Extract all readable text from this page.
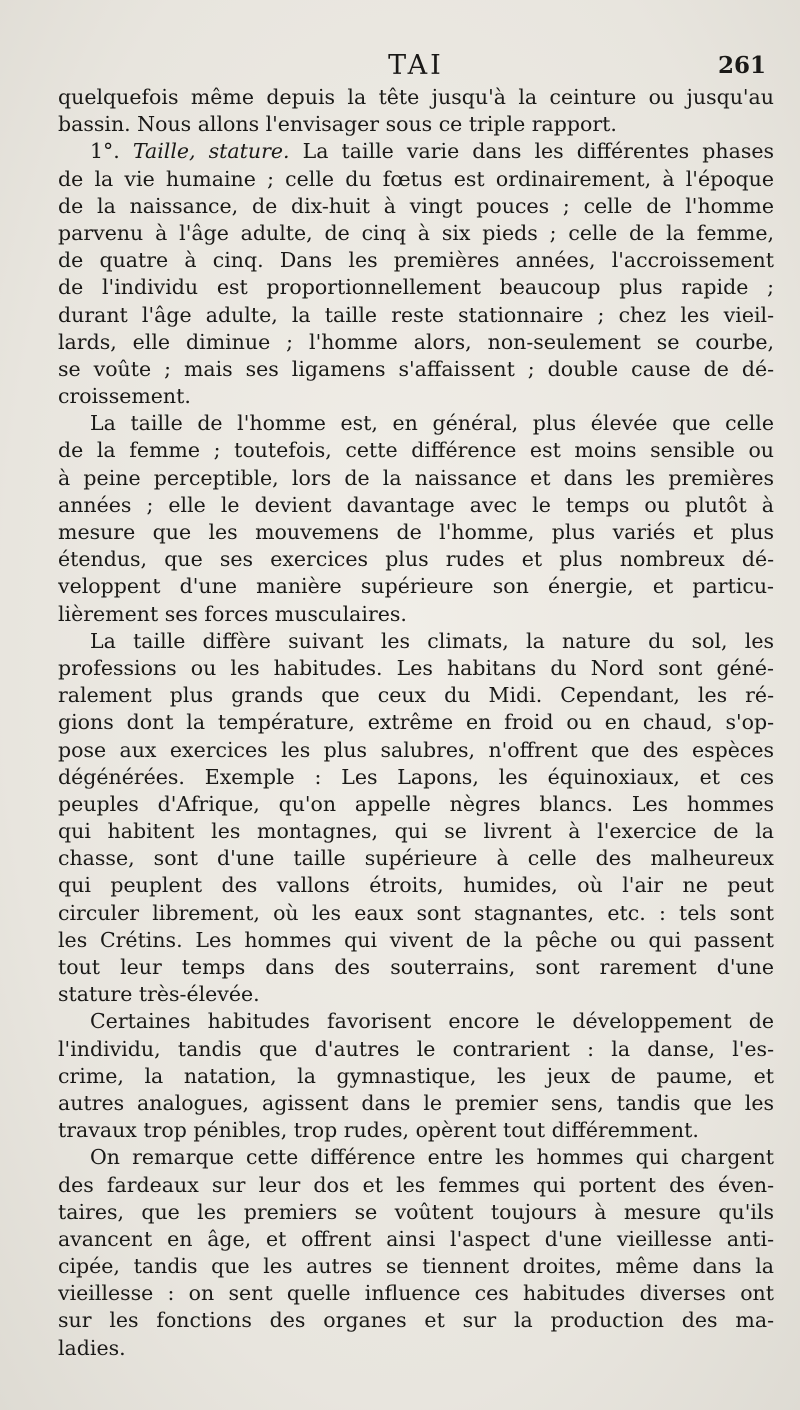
TAI	261
quelquefois même depuis la tête jusqu'à la ceinture ou jusqu'au
bassin. Nous allons l'envisager sous ce triple rapport.
1°. Taille, stature. La taille varie dans les différentes phases
de la vie humaine ; celle du fœtus est ordinairement, à l'époque
de la naissance, de dix-huit à vingt pouces ; celle de l'homme
parvenu à l'âge adulte, de cinq à six pieds ; celle de la femme,
de quatre à cinq. Dans les premières années, l'accroissement
de l'individu est proportionnellement beaucoup plus rapide ;
durant l'âge adulte, la taille reste stationnaire ; chez les vieil-
lards, elle diminue ; l'homme alors, non-seulement se courbe,
se voûte ; mais ses ligamens s'affaissent ; double cause de dé-
croissement.
La taille de l'homme est, en général, plus élevée que celle
de la femme ; toutefois, cette différence est moins sensible ou
à peine perceptible, lors de la naissance et dans les premières
années ; elle le devient davantage avec le temps ou plutôt à
mesure que les mouvemens de l'homme, plus variés et plus
étendus, que ses exercices plus rudes et plus nombreux dé-
veloppent d'une manière supérieure son énergie, et particu-
lièrement ses forces musculaires.
La taille diffère suivant les climats, la nature du sol, les
professions ou les habitudes. Les habitans du Nord sont géné-
ralement plus grands que ceux du Midi. Cependant, les ré-
gions dont la température, extrême en froid ou en chaud, s'op-
pose aux exercices les plus salubres, n'offrent que des espèces
dégénérées. Exemple : Les Lapons, les équinoxiaux, et ces
peuples d'Afrique, qu'on appelle nègres blancs. Les hommes
qui habitent les montagnes, qui se livrent à l'exercice de la
chasse, sont d'une taille supérieure à celle des malheureux
qui peuplent des vallons étroits, humides, où l'air ne peut
circuler librement, où les eaux sont stagnantes, etc. : tels sont
les Crétins. Les hommes qui vivent de la pêche ou qui passent
tout leur temps dans des souterrains, sont rarement d'une
stature très-élevée.
Certaines habitudes favorisent encore le développement de
l'individu, tandis que d'autres le contrarient : la danse, l'es-
crime, la natation, la gymnastique, les jeux de paume, et
autres analogues, agissent dans le premier sens, tandis que les
travaux trop pénibles, trop rudes, opèrent tout différemment.
On remarque cette différence entre les hommes qui chargent
des fardeaux sur leur dos et les femmes qui portent des éven-
taires, que les premiers se voûtent toujours à mesure qu'ils
avancent en âge, et offrent ainsi l'aspect d'une vieillesse anti-
cipée, tandis que les autres se tiennent droites, même dans la
vieillesse : on sent quelle influence ces habitudes diverses ont
sur les fonctions des organes et sur la production des ma-
ladies.
